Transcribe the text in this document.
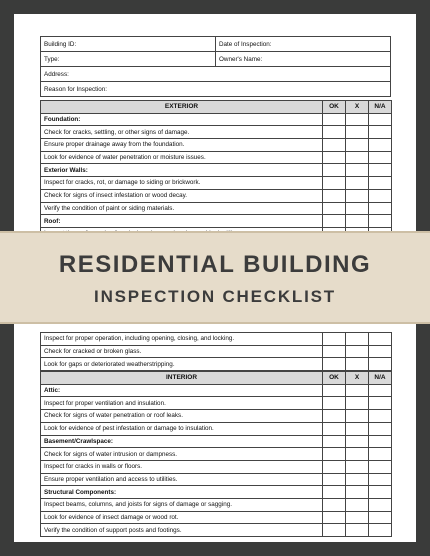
Building ID:	Date of Inspection:
Type:	Owner's Name:
Address:	
Reason for Inspection:	
EXTERIOR	OK	X	N/A
Foundation:			
Check for cracks, settling, or other signs of damage.			
Ensure proper drainage away from the foundation.			
Look for evidence of water penetration or moisture issues.			
Exterior Walls:			
Inspect for cracks, rot, or damage to siding or brickwork.			
Check for signs of insect infestation or wood decay.			
Verify the condition of paint or siding materials.			
Roof:			

Inspect for proper operation, including opening, closing, and locking.			
Check for cracked or broken glass.			
Look for gaps or deteriorated weatherstripping.			
INTERIOR	OK	X	N/A
Attic:			
Inspect for proper ventilation and insulation.			
Check for signs of water penetration or roof leaks.			
Look for evidence of pest infestation or damage to insulation.			
Basement/Crawlspace:			
Check for signs of water intrusion or dampness.			
Inspect for cracks in walls or floors.			
Ensure proper ventilation and access to utilities.			
Structural Components:			
Inspect beams, columns, and joists for signs of damage or sagging.			
Look for evidence of insect damage or wood rot.			
Verify the condition of support posts and footings.			
RESIDENTIAL BUILDING
INSPECTION CHECKLIST
